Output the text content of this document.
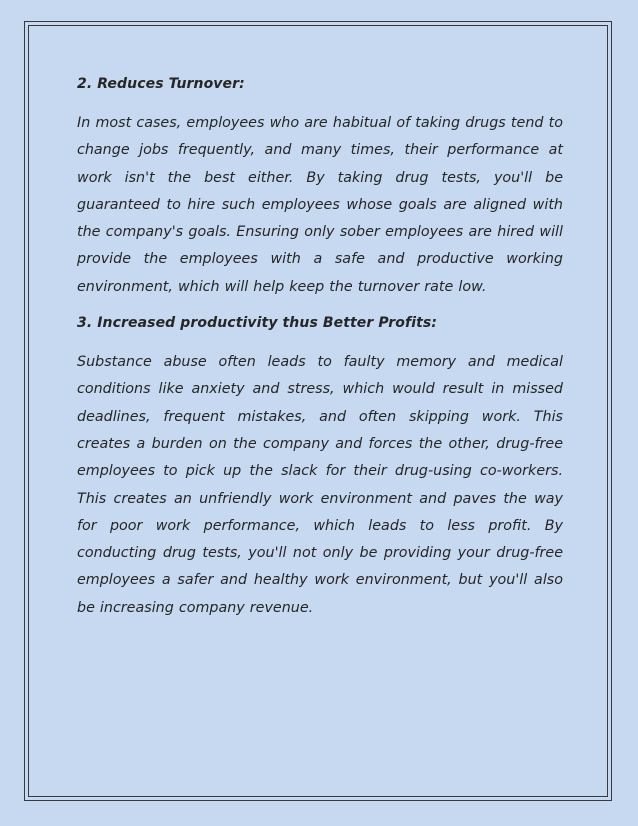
2. Reduces Turnover:

In most cases, employees who are habitual of taking drugs tend to change jobs frequently, and many times, their performance at work isn't the best either. By taking drug tests, you'll be guaranteed to hire such employees whose goals are aligned with the company's goals. Ensuring only sober employees are hired will provide the employees with a safe and productive working environment, which will help keep the turnover rate low.

3. Increased productivity thus Better Profits:

Substance abuse often leads to faulty memory and medical conditions like anxiety and stress, which would result in missed deadlines, frequent mistakes, and often skipping work. This creates a burden on the company and forces the other, drug-free employees to pick up the slack for their drug-using co-workers. This creates an unfriendly work environment and paves the way for poor work performance, which leads to less profit. By conducting drug tests, you'll not only be providing your drug-free employees a safer and healthy work environment, but you'll also be increasing company revenue.
